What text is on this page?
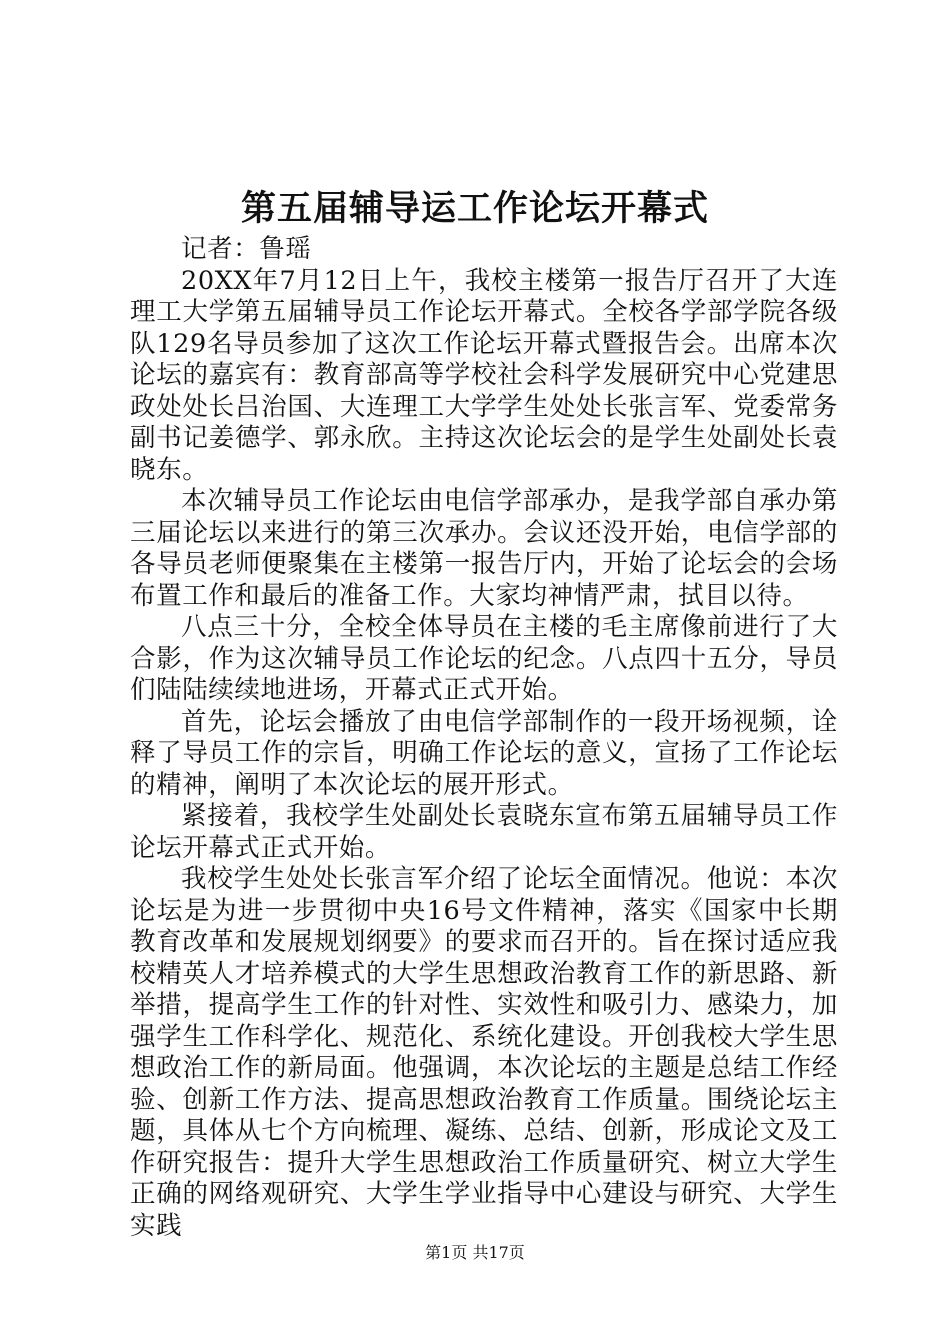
第五届辅导运工作论坛开幕式

记者：鲁瑶

20XX年7月12日上午，我校主楼第一报告厅召开了大连理工大学第五届辅导员工作论坛开幕式。全校各学部学院各级队129名导员参加了这次工作论坛开幕式暨报告会。出席本次论坛的嘉宾有：教育部高等学校社会科学发展研究中心党建思政处处长吕治国、大连理工大学学生处处长张言军、党委常务副书记姜德学、郭永欣。主持这次论坛会的是学生处副处长袁晓东。

本次辅导员工作论坛由电信学部承办，是我学部自承办第三届论坛以来进行的第三次承办。会议还没开始，电信学部的各导员老师便聚集在主楼第一报告厅内，开始了论坛会的会场布置工作和最后的准备工作。大家均神情严肃，拭目以待。

八点三十分，全校全体导员在主楼的毛主席像前进行了大合影，作为这次辅导员工作论坛的纪念。八点四十五分，导员们陆陆续续地进场，开幕式正式开始。

首先，论坛会播放了由电信学部制作的一段开场视频，诠释了导员工作的宗旨，明确工作论坛的意义，宣扬了工作论坛的精神，阐明了本次论坛的展开形式。

紧接着，我校学生处副处长袁晓东宣布第五届辅导员工作论坛开幕式正式开始。

我校学生处处长张言军介绍了论坛全面情况。他说：本次论坛是为进一步贯彻中央16号文件精神，落实《国家中长期教育改革和发展规划纲要》的要求而召开的。旨在探讨适应我校精英人才培养模式的大学生思想政治教育工作的新思路、新举措，提高学生工作的针对性、实效性和吸引力、感染力，加强学生工作科学化、规范化、系统化建设。开创我校大学生思想政治工作的新局面。他强调，本次论坛的主题是总结工作经验、创新工作方法、提高思想政治教育工作质量。围绕论坛主题，具体从七个方向梳理、凝练、总结、创新，形成论文及工作研究报告：提升大学生思想政治工作质量研究、树立大学生正确的网络观研究、大学生学业指导中心建设与研究、大学生实践

第1页 共17页
